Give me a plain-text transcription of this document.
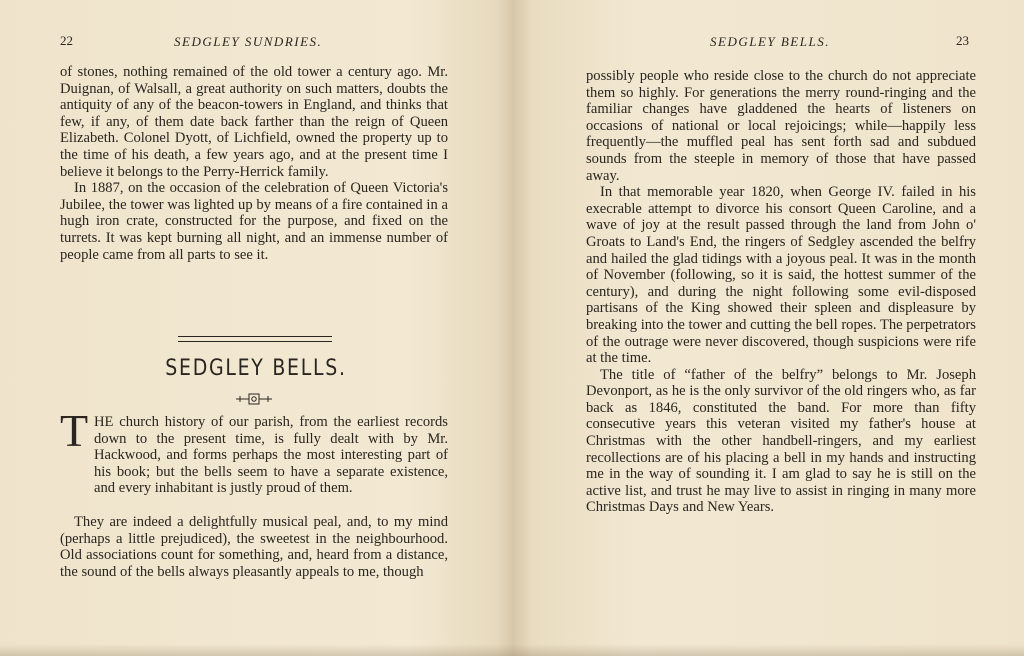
22	SEDGLEY SUNDRIES.

of stones, nothing remained of the old tower a century ago. Mr. Duignan, of Walsall, a great authority on such matters, doubts the antiquity of any of the beacon-towers in England, and thinks that few, if any, of them date back farther than the reign of Queen Elizabeth. Colonel Dyott, of Lichfield, owned the property up to the time of his death, a few years ago, and at the present time I believe it belongs to the Perry-Herrick family.

In 1887, on the occasion of the celebration of Queen Victoria's Jubilee, the tower was lighted up by means of a fire contained in a hugh iron crate, constructed for the purpose, and fixed on the turrets. It was kept burning all night, and an immense number of people came from all parts to see it.

SEDGLEY BELLS.
T HE church history of our parish, from the earliest records down to the present time, is fully dealt with by Mr. Hackwood, and forms perhaps the most interesting part of his book; but the bells seem to have a separate existence, and every inhabitant is justly proud of them.

They are indeed a delightfully musical peal, and, to my mind (perhaps a little prejudiced), the sweetest in the neighbourhood. Old associations count for something, and, heard from a distance, the sound of the bells always pleasantly appeals to me, though

SEDGLEY BELLS.	23

possibly people who reside close to the church do not appreciate them so highly. For generations the merry round-ringing and the familiar changes have gladdened the hearts of listeners on occasions of national or local rejoicings; while—happily less frequently—the muffled peal has sent forth sad and subdued sounds from the steeple in memory of those that have passed away.

In that memorable year 1820, when George IV. failed in his execrable attempt to divorce his consort Queen Caroline, and a wave of joy at the result passed through the land from John o' Groats to Land's End, the ringers of Sedgley ascended the belfry and hailed the glad tidings with a joyous peal. It was in the month of November (following, so it is said, the hottest summer of the century), and during the night following some evil-disposed partisans of the King showed their spleen and displeasure by breaking into the tower and cutting the bell ropes. The perpetrators of the outrage were never discovered, though suspicions were rife at the time.

The title of “father of the belfry” belongs to Mr. Joseph Devonport, as he is the only survivor of the old ringers who, as far back as 1846, constituted the band. For more than fifty consecutive years this veteran visited my father's house at Christmas with the other handbell-ringers, and my earliest recollections are of his placing a bell in my hands and instructing me in the way of sounding it. I am glad to say he is still on the active list, and trust he may live to assist in ringing in many more Christmas Days and New Years.
